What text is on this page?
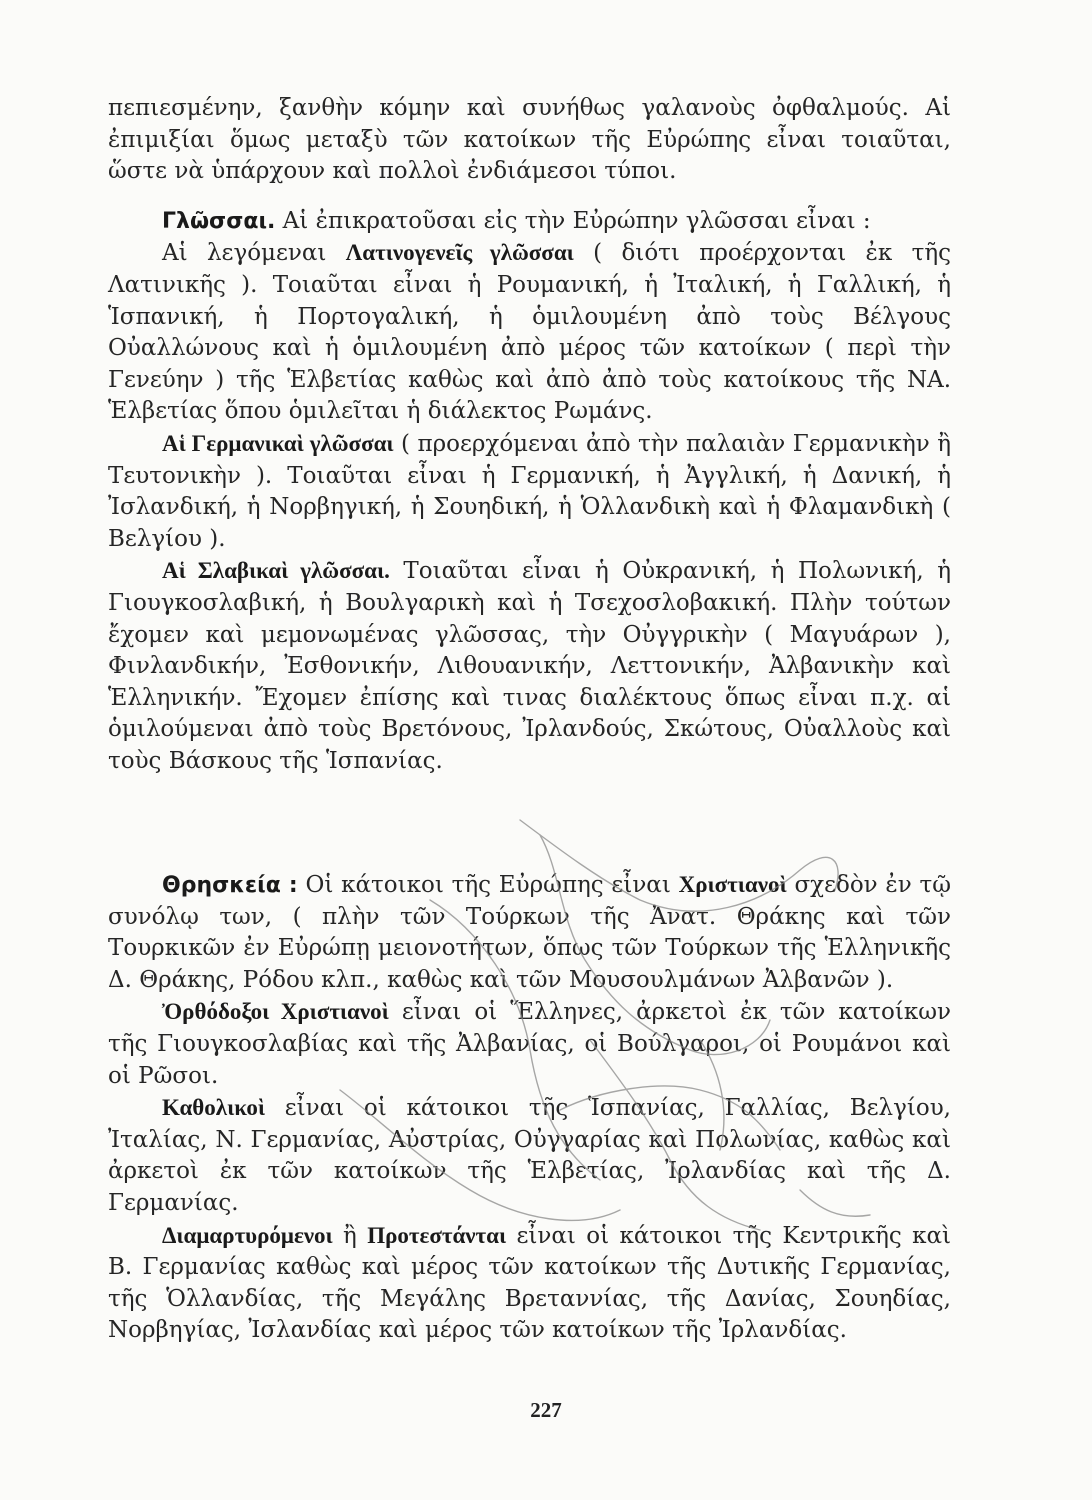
πεπιεσμένην, ξανθὴν κόμην καὶ συνήθως γαλανοὺς ὀφθαλμούς. Αἱ ἐπιμιξίαι ὅμως μεταξὺ τῶν κατοίκων τῆς Εὐρώπης εἶναι τοιαῦται, ὥστε νὰ ὑπάρχουν καὶ πολλοὶ ἐνδιάμεσοι τύποι.

Γλῶσσαι. Αἱ ἐπικρατοῦσαι εἰς τὴν Εὐρώπην γλῶσσαι εἶναι :

Αἱ λεγόμεναι Λατινογενεῖς γλῶσσαι ( διότι προέρχονται ἐκ τῆς Λατινικῆς ). Τοιαῦται εἶναι ἡ Ρουμανική, ἡ Ἰταλική, ἡ Γαλλική, ἡ Ἱσπανική, ἡ Πορτογαλική, ἡ ὁμιλουμένη ἀπὸ τοὺς Βέλγους Οὐαλλώνους καὶ ἡ ὁμιλουμένη ἀπὸ μέρος τῶν κατοίκων ( περὶ τὴν Γενεύην ) τῆς Ἑλβετίας καθὼς καὶ ἀπὸ ἀπὸ τοὺς κατοίκους τῆς ΝΑ. Ἑλβετίας ὅπου ὁμιλεῖται ἡ διάλεκτος Ρωμάνς.

Αἱ Γερμανικαὶ γλῶσσαι ( προερχόμεναι ἀπὸ τὴν παλαιὰν Γερμανικὴν ἢ Τευτονικὴν ). Τοιαῦται εἶναι ἡ Γερμανική, ἡ Ἀγγλική, ἡ Δανική, ἡ Ἰσλανδική, ἡ Νορβηγική, ἡ Σουηδική, ἡ Ὁλλανδικὴ καὶ ἡ Φλαμανδικὴ ( Βελγίου ).

Αἱ Σλαβικαὶ γλῶσσαι. Τοιαῦται εἶναι ἡ Οὐκρανική, ἡ Πολωνική, ἡ Γιουγκοσλαβική, ἡ Βουλγαρικὴ καὶ ἡ Τσεχοσλοβακική. Πλὴν τούτων ἔχομεν καὶ μεμονωμένας γλῶσσας, τὴν Οὐγγρικὴν ( Μαγυάρων ), Φινλανδικήν, Ἐσθονικήν, Λιθουανικήν, Λεττονικήν, Ἀλβανικὴν καὶ Ἑλληνικήν. Ἔχομεν ἐπίσης καὶ τινας διαλέκτους ὅπως εἶναι π.χ. αἱ ὁμιλούμεναι ἀπὸ τοὺς Βρετόνους, Ἰρλανδούς, Σκώτους, Οὐαλλοὺς καὶ τοὺς Βάσκους τῆς Ἱσπανίας.

Θρησκεία : Οἱ κάτοικοι τῆς Εὐρώπης εἶναι Χριστιανοὶ σχεδὸν ἐν τῷ συνόλῳ των, ( πλὴν τῶν Τούρκων τῆς Ἀνατ. Θράκης καὶ τῶν Τουρκικῶν ἐν Εὐρώπῃ μειονοτήτων, ὅπως τῶν Τούρκων τῆς Ἑλληνικῆς Δ. Θράκης, Ρόδου κλπ., καθὼς καὶ τῶν Μουσουλμάνων Ἀλβανῶν ).

Ὀρθόδοξοι Χριστιανοὶ εἶναι οἱ Ἕλληνες, ἀρκετοὶ ἐκ τῶν κατοίκων τῆς Γιουγκοσλαβίας καὶ τῆς Ἀλβανίας, οἱ Βούλγαροι, οἱ Ρουμάνοι καὶ οἱ Ρῶσοι.

Καθολικοὶ εἶναι οἱ κάτοικοι τῆς Ἱσπανίας, Γαλλίας, Βελγίου, Ἰταλίας, Ν. Γερμανίας, Αὐστρίας, Οὐγγαρίας καὶ Πολωνίας, καθὼς καὶ ἀρκετοὶ ἐκ τῶν κατοίκων τῆς Ἑλβετίας, Ἰρλανδίας καὶ τῆς Δ. Γερμανίας.

Διαμαρτυρόμενοι ἢ Προτεστάνται εἶναι οἱ κάτοικοι τῆς Κεντρικῆς καὶ Β. Γερμανίας καθὼς καὶ μέρος τῶν κατοίκων τῆς Δυτικῆς Γερμανίας, τῆς Ὁλλανδίας, τῆς Μεγάλης Βρεταννίας, τῆς Δανίας, Σουηδίας, Νορβηγίας, Ἰσλανδίας καὶ μέρος τῶν κατοίκων τῆς Ἰρλανδίας.

227
